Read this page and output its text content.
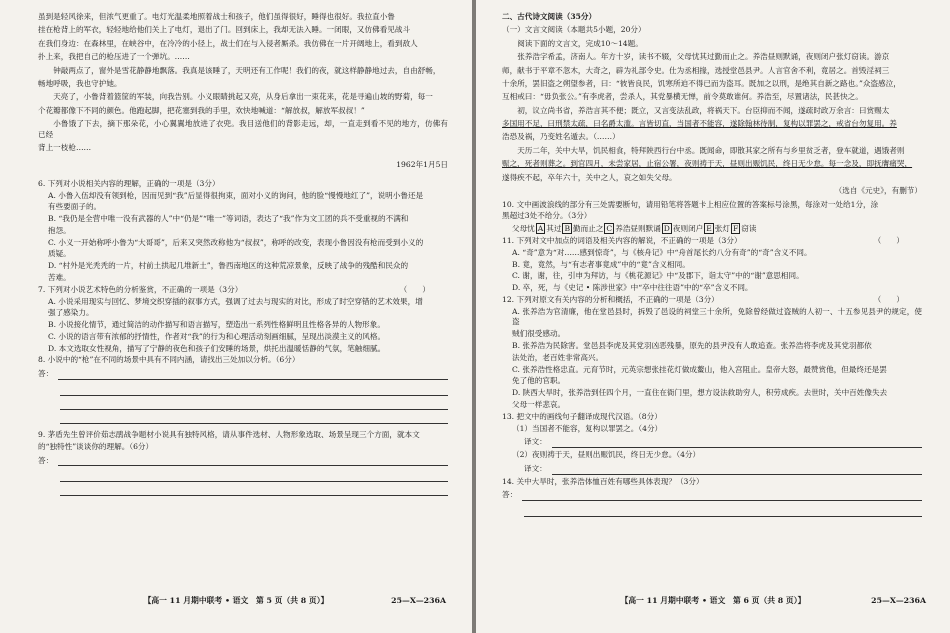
虽到是轻风徐来，但浓气更重了。电灯光温柔地照着战士和孩子，他们虽得很好，睡得也很好。我拉直小鲁

挂在枪背上的军衣，轻轻地给他们关上了电灯，退出了门。回到床上，我却无法入睡。一闭眼，又仿佛看见战斗

在我们身边：在森林里，在峡谷中，在冷冷的小径上，战士们在与入侵者厮杀。我仿佛在一片开阔地上，看到敌人

扑上来，我把自己的枪压进了一个弹坑。……

钟敲两点了，窗外是雪花静静地飘落。我真是该睡了，天明还有工作呢！我们的夜，就这样静静地过去，自由舒畅，

畅地呼吸，我也守护她。

天亮了，小鲁背着篮筐的军装，向我告别。小义眼睛挑起又亮，从身后拿出一束花来，花是寻遍山坡的野菊，每一

个花瓣都像下不同的颜色。他跑起脚，把花塞到我的手里，欢快地喊道：“解放叔，解放军叔叔！”

小鲁饿了下去，摘下那朵花，小心翼翼地放进了衣兜。我目送他们的背影走远，却，一直走到看不见的地方，仿佛有已经

背上一枝枪……

1962年1月5日

6. 下列对小说相关内容的理解，正确的一项是（3分）

A. 小鲁入伍却没有领到枪，因而见到“我”后显得很拘束，面对小义的询问，他的脸“慢慢地红了”，说明小鲁还是

有些要面子的。

B. “我仍是全营中唯一没有武器的人”中“仍是”“唯一”等词语，表达了“我”作为文工团的兵不受重视的不满和

抱怨。

C. 小义一开始称呼小鲁为“大哥哥”，后来又突然改称他为“叔叔”，称呼的改变，表现小鲁因没有枪而受到小义的

质疑。

D. “村外是光秃秃的一片，村前土拱起几堆新土”，鲁西南地区的这种荒凉景象，反映了战争的残酷和民众的

苦难。

7. 下列对小说艺术特色的分析鉴赏，不正确的一项是（3分）	（　　）

A. 小说采用现实与回忆、梦境交织穿插的叙事方式，强调了过去与现实的对比，形成了时空穿错的艺术效果，增

强了感染力。

B. 小说接化情节，通过简洁的动作描写和语言描写，塑造出一系列性格鲜明且性格各异的人物形象。

C. 小说的语言带有浓郁的抒情性，作者对“我”的行为和心理活动刻画细腻，呈现出淡漠主义的风格。

D. 本文选取女性视角，描写了宁静的夜色和孩子们安睡的场景，烘托出温暖恬静的气氛，笔触细腻。

8. 小说中的“枪”在不同的场景中具有不同内涵，请找出三处加以分析。（6分）

答：

9. 茅盾先生曾评价茹志鹃战争题材小说具有独特风格，请从事件选材、人物形象选取、场景呈现三个方面，就本文

的“独特性”谈谈你的理解。（6分）

答：
【高一 11 月期中联考 • 语文　第 5 页（共 8 页）】	25—X—236A

二、古代诗文阅读（35分）

（一）文言文阅读（本题共5小题，20分）

阅读下面的文言文，完成10～14题。

张养浩字希孟，济南人。年方十岁，读书不辍，父母忧其过勤而止之。养浩昼则默诵，夜则闭户张灯窃读。游京

师，献书于平章不忽木，大奇之，辟为礼部令史。仕为丞相掾，选授堂邑县尹。人言官舍不利，竟居之。首毁淫祠三

十余所，罢旧盗之朔望参者，曰：“彼皆良民，饥寒所迫不得已而为盗耳。既加之以刑，是绝其自新之路也。”众盗感泣，

互相戒曰：“毋负张公。”有李虎者，尝杀人，其党暴横无惮，前令莫敢谁何。养浩至，尽置诸法，民甚快之。

初，议立尚书省，养浩言其不便；既立，又言变法乱政，将祸天下。台臣抑而不闻，遂疏时政万余言：曰赏赐太

多国用不足，曰刑禁太疏，曰名爵太滥。言皆切直，当国者不能容，遂除翰林待制，复构以罪罢之，戒省台勿复用。养

浩恐及祸，乃变姓名遁去。（……）

天历二年，关中大旱，饥民相食，特拜陕西行台中丞。既闻命，即散其家之所有与乡里贫乏者，登车就道，遇饿者则

赈之，死者则葬之。到官四月，未尝家居，止宿公署，夜则祷于天，昼则出赈饥民，终日无少怠。每一念及，即抚膺痛哭，

遂得疾不起，卒年六十，关中之人，哀之如失父母。

（选自《元史》，有删节）

10. 文中画波浪线的部分有三处需要断句，请用铅笔将答题卡上相应位置的答案标号涂黑，每涂对一处给1分，涂

黑超过3处不给分。（3分）

父母忧 A 其过 B 勤而止之 C 养浩昼则默诵 D 夜则闭户 E 张灯 F 窃读

11. 下列对文中加点的词语及相关内容的解说，不正确的一项是（3分）	（　　）

A. “奇”意为“对……感到惊奇”，与《核舟记》中“舟首尾长约八分有奇”的“奇”含义不同。

B. 竟，竟然，与“有志者事竟成”中的“竟”含义相同。

C. 谢，谢，往，引申为拜访，与《桃花源记》中“及郡下，诣太守”中的“谢”意思相同。

D. 卒，死，与《史记 • 陈涉世家》中“卒中往往语”中的“卒”含义不同。

12. 下列对原文有关内容的分析和概括，不正确的一项是（3分）	（　　）

A. 张养浩为官清廉，他在堂邑县时，拆毁了邑设的祠堂三十余所，免除曾经做过盗贼的人初一、十五参见县尹的规定，使盗

贼们很受感动。

B. 张养浩为民除害。堂邑县李虎及其党羽凶恶残暴，原先的县尹没有人敢追查。张养浩将李虎及其党羽都依

法处治，老百姓非常高兴。

C. 张养浩性格忠直。元育节时，元英宗想张挂花灯做成鳌山，他入宫阻止。皇帝大怒，最赞赏他，但最终还是罢

免了他的官职。

D. 陕西大旱时，张养浩到任四个月，一直住在衙门里，想方设法救助穷人，积劳成疾。去世时，关中百姓像失去

父母一样悲哀。

13. 把文中的画线句子翻译成现代汉语。（8分）

（1）当国者不能容，复构以罪罢之。（4分）

译文：

（2）夜则祷于天，昼则出赈饥民，终日无少怠。（4分）

译文：

14. 关中大旱时，张养浩体恤百姓有哪些具体表现？（3分）

答：
【高一 11 月期中联考 • 语文　第 6 页（共 8 页）】	25—X—236A
